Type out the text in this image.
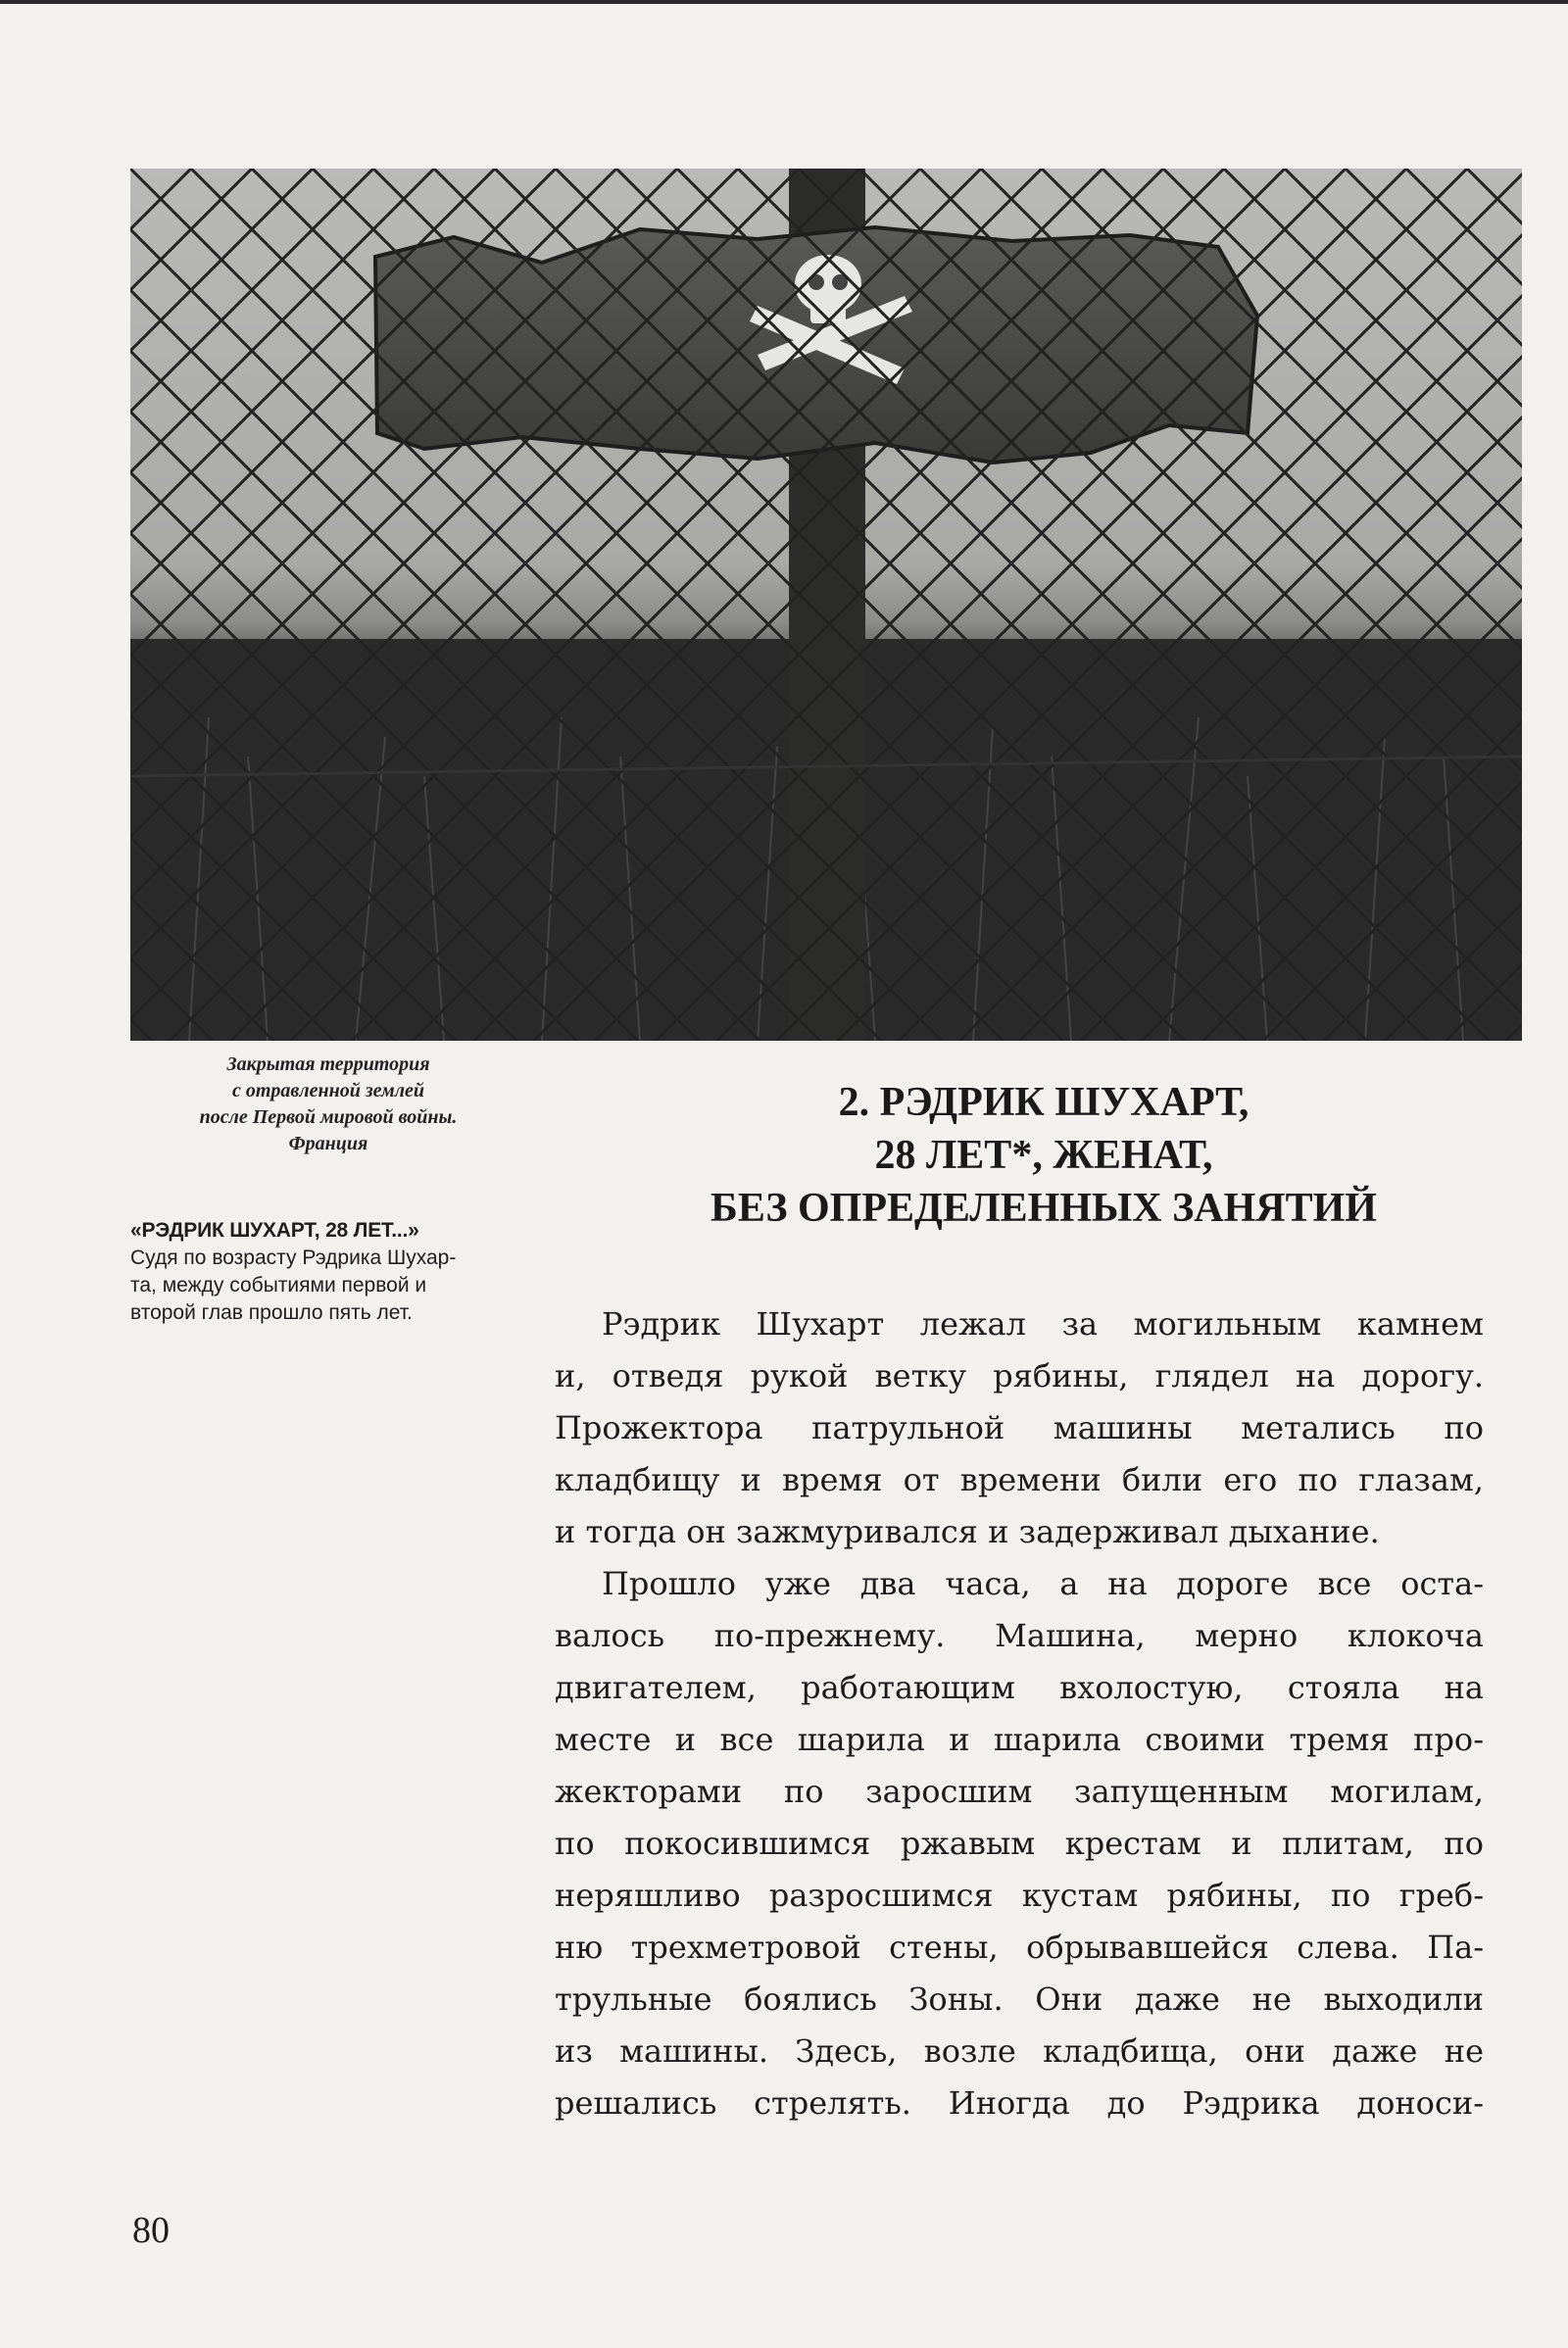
Закрытая территория
с отравленной землей
после Первой мировой войны.
Франция
«РЭДРИК ШУХАРТ, 28 ЛЕТ...»
Судя по возрасту Рэдрика Шухар-
та, между событиями первой и
второй глав прошло пять лет.
2. РЭДРИК ШУХАРТ,
28 ЛЕТ*, ЖЕНАТ,
БЕЗ ОПРЕДЕЛЕННЫХ ЗАНЯТИЙ
Рэдрик Шухарт лежал за могильным камнем
и, отведя рукой ветку рябины, глядел на дорогу.
Прожектора патрульной машины метались по
кладбищу и время от времени били его по глазам,
и тогда он зажмуривался и задерживал дыхание.
Прошло уже два часа, а на дороге все оста-
валось по-прежнему. Машина, мерно клокоча
двигателем, работающим вхолостую, стояла на
месте и все шарила и шарила своими тремя про-
жекторами по заросшим запущенным могилам,
по покосившимся ржавым крестам и плитам, по
неряшливо разросшимся кустам рябины, по греб-
ню трехметровой стены, обрывавшейся слева. Па-
трульные боялись Зоны. Они даже не выходили
из машины. Здесь, возле кладбища, они даже не
решались стрелять. Иногда до Рэдрика доноси-
80
